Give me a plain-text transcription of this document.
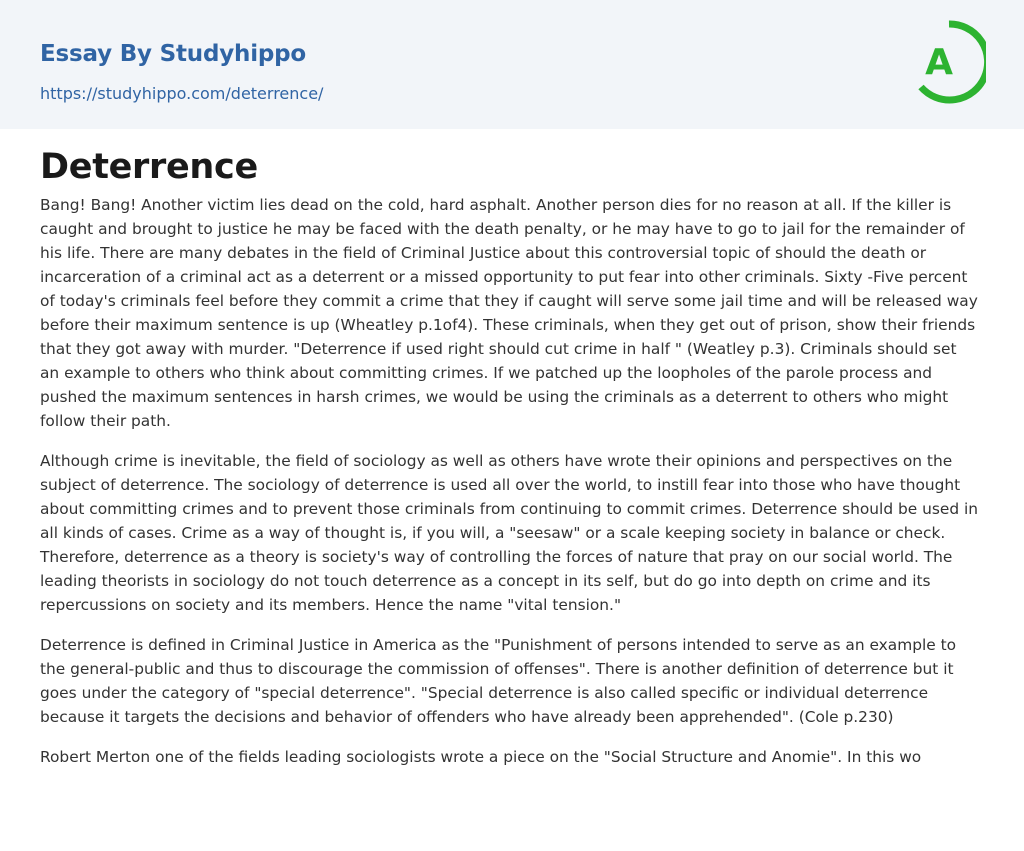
Essay By Studyhippo
https://studyhippo.com/deterrence/
A
Deterrence

Bang! Bang! Another victim lies dead on the cold, hard asphalt. Another person dies for no reason at all. If the killer is caught and brought to justice he may be faced with the death penalty, or he may have to go to jail for the remainder of his life. There are many debates in the field of Criminal Justice about this controversial topic of should the death or incarceration of a criminal act as a deterrent or a missed opportunity to put fear into other criminals. Sixty -Five percent of today's criminals feel before they commit a crime that they if caught will serve some jail time and will be released way before their maximum sentence is up (Wheatley p.1of4). These criminals, when they get out of prison, show their friends that they got away with murder. "Deterrence if used right should cut crime in half " (Weatley p.3). Criminals should set an example to others who think about committing crimes. If we patched up the loopholes of the parole process and pushed the maximum sentences in harsh crimes, we would be using the criminals as a deterrent to others who might follow their path.

Although crime is inevitable, the field of sociology as well as others have wrote their opinions and perspectives on the subject of deterrence. The sociology of deterrence is used all over the world, to instill fear into those who have thought about committing crimes and to prevent those criminals from continuing to commit crimes. Deterrence should be used in all kinds of cases. Crime as a way of thought is, if you will, a "seesaw" or a scale keeping society in balance or check. Therefore, deterrence as a theory is society's way of controlling the forces of nature that pray on our social world. The leading theorists in sociology do not touch deterrence as a concept in its self, but do go into depth on crime and its repercussions on society and its members. Hence the name "vital tension."

Deterrence is defined in Criminal Justice in America as the "Punishment of persons intended to serve as an example to the general-public and thus to discourage the commission of offenses". There is another definition of deterrence but it goes under the category of "special deterrence". "Special deterrence is also called specific or individual deterrence because it targets the decisions and behavior of offenders who have already been apprehended". (Cole p.230)

Robert Merton one of the fields leading sociologists wrote a piece on the "Social Structure and Anomie". In this wo
